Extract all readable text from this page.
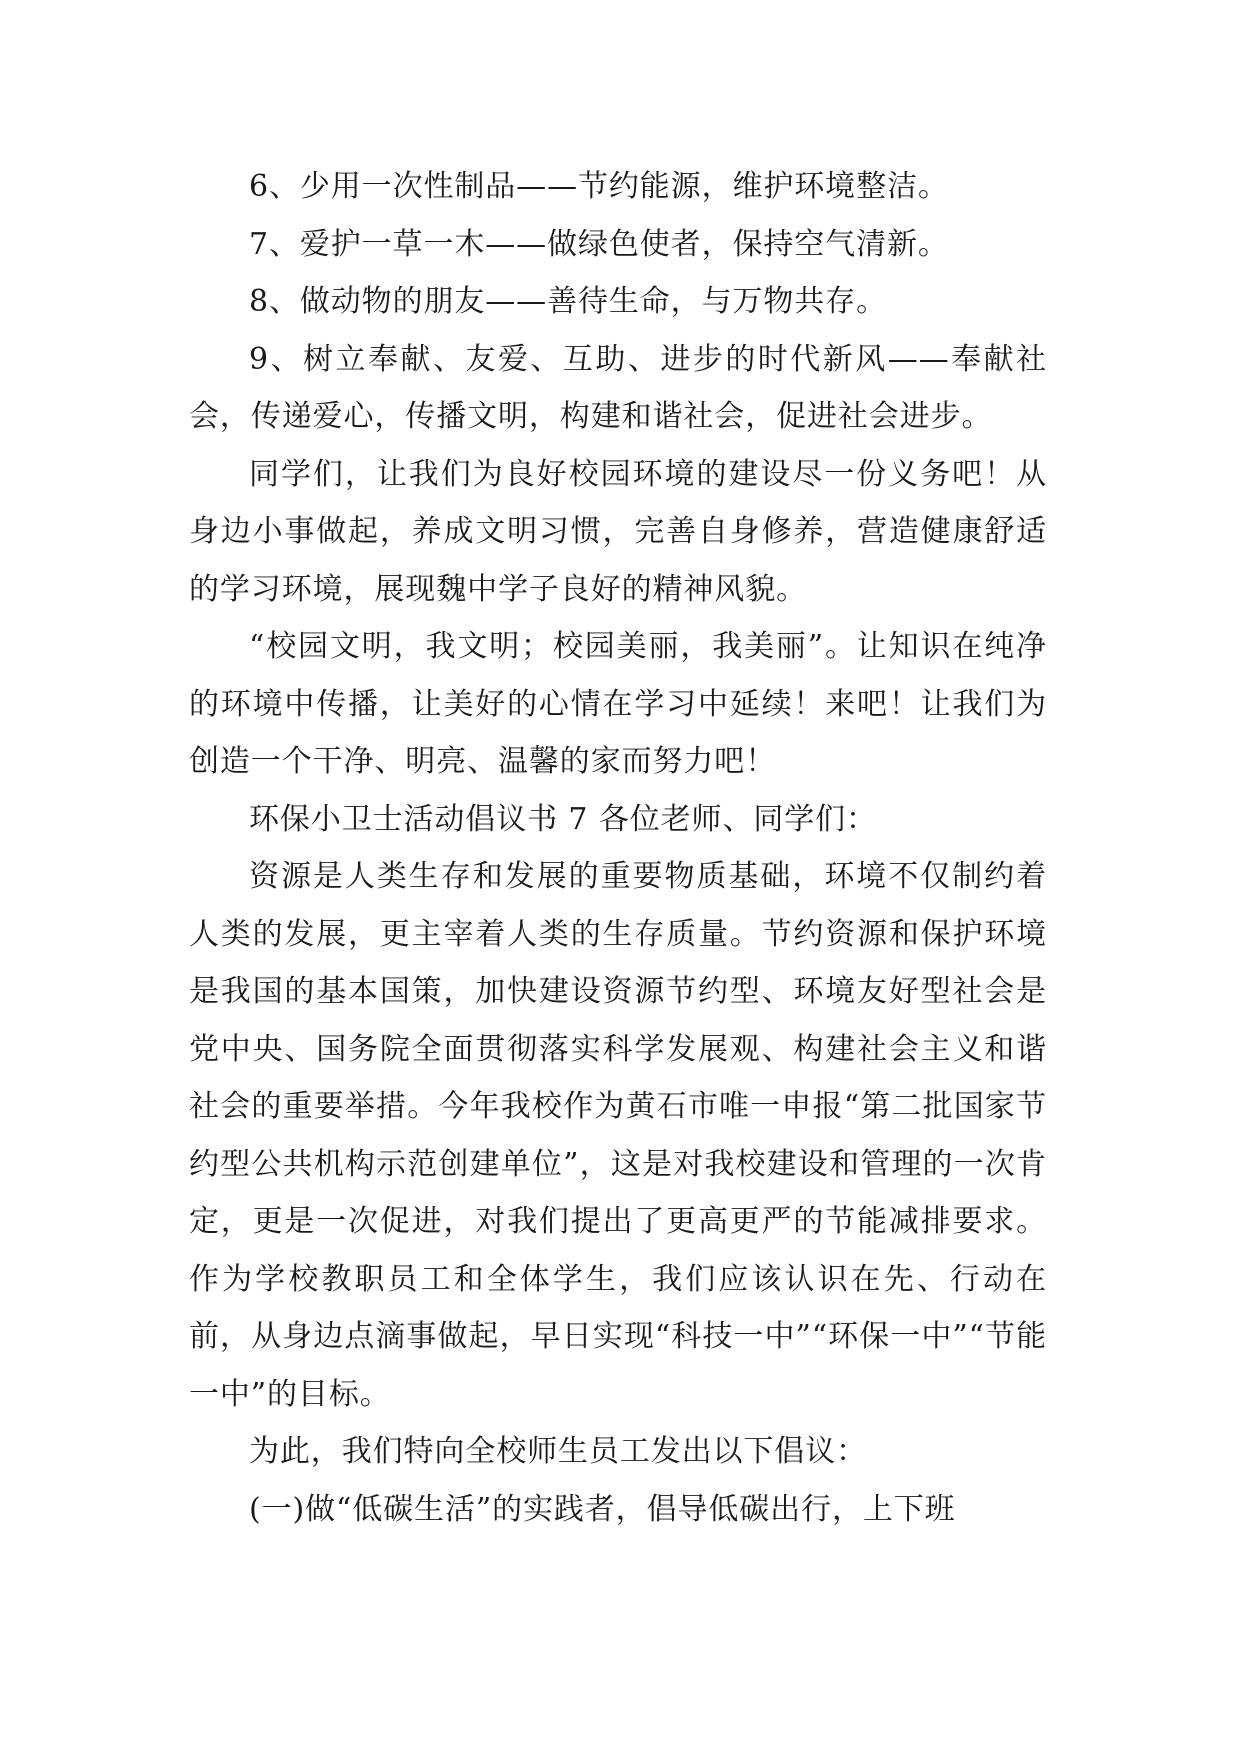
6、少用一次性制品——节约能源，维护环境整洁。

7、爱护一草一木——做绿色使者，保持空气清新。

8、做动物的朋友——善待生命，与万物共存。

9、树立奉献、友爱、互助、进步的时代新风——奉献社会，传递爱心，传播文明，构建和谐社会，促进社会进步。

同学们，让我们为良好校园环境的建设尽一份义务吧！从身边小事做起，养成文明习惯，完善自身修养，营造健康舒适的学习环境，展现魏中学子良好的精神风貌。

“校园文明，我文明；校园美丽，我美丽”。让知识在纯净的环境中传播，让美好的心情在学习中延续！来吧！让我们为创造一个干净、明亮、温馨的家而努力吧！

环保小卫士活动倡议书 7 各位老师、同学们：

资源是人类生存和发展的重要物质基础，环境不仅制约着人类的发展，更主宰着人类的生存质量。节约资源和保护环境是我国的基本国策，加快建设资源节约型、环境友好型社会是党中央、国务院全面贯彻落实科学发展观、构建社会主义和谐社会的重要举措。今年我校作为黄石市唯一申报“第二批国家节约型公共机构示范创建单位”，这是对我校建设和管理的一次肯定，更是一次促进，对我们提出了更高更严的节能减排要求。作为学校教职员工和全体学生，我们应该认识在先、行动在前，从身边点滴事做起，早日实现“科技一中”“环保一中”“节能一中”的目标。

为此，我们特向全校师生员工发出以下倡议：

(一)做“低碳生活”的实践者，倡导低碳出行，上下班
